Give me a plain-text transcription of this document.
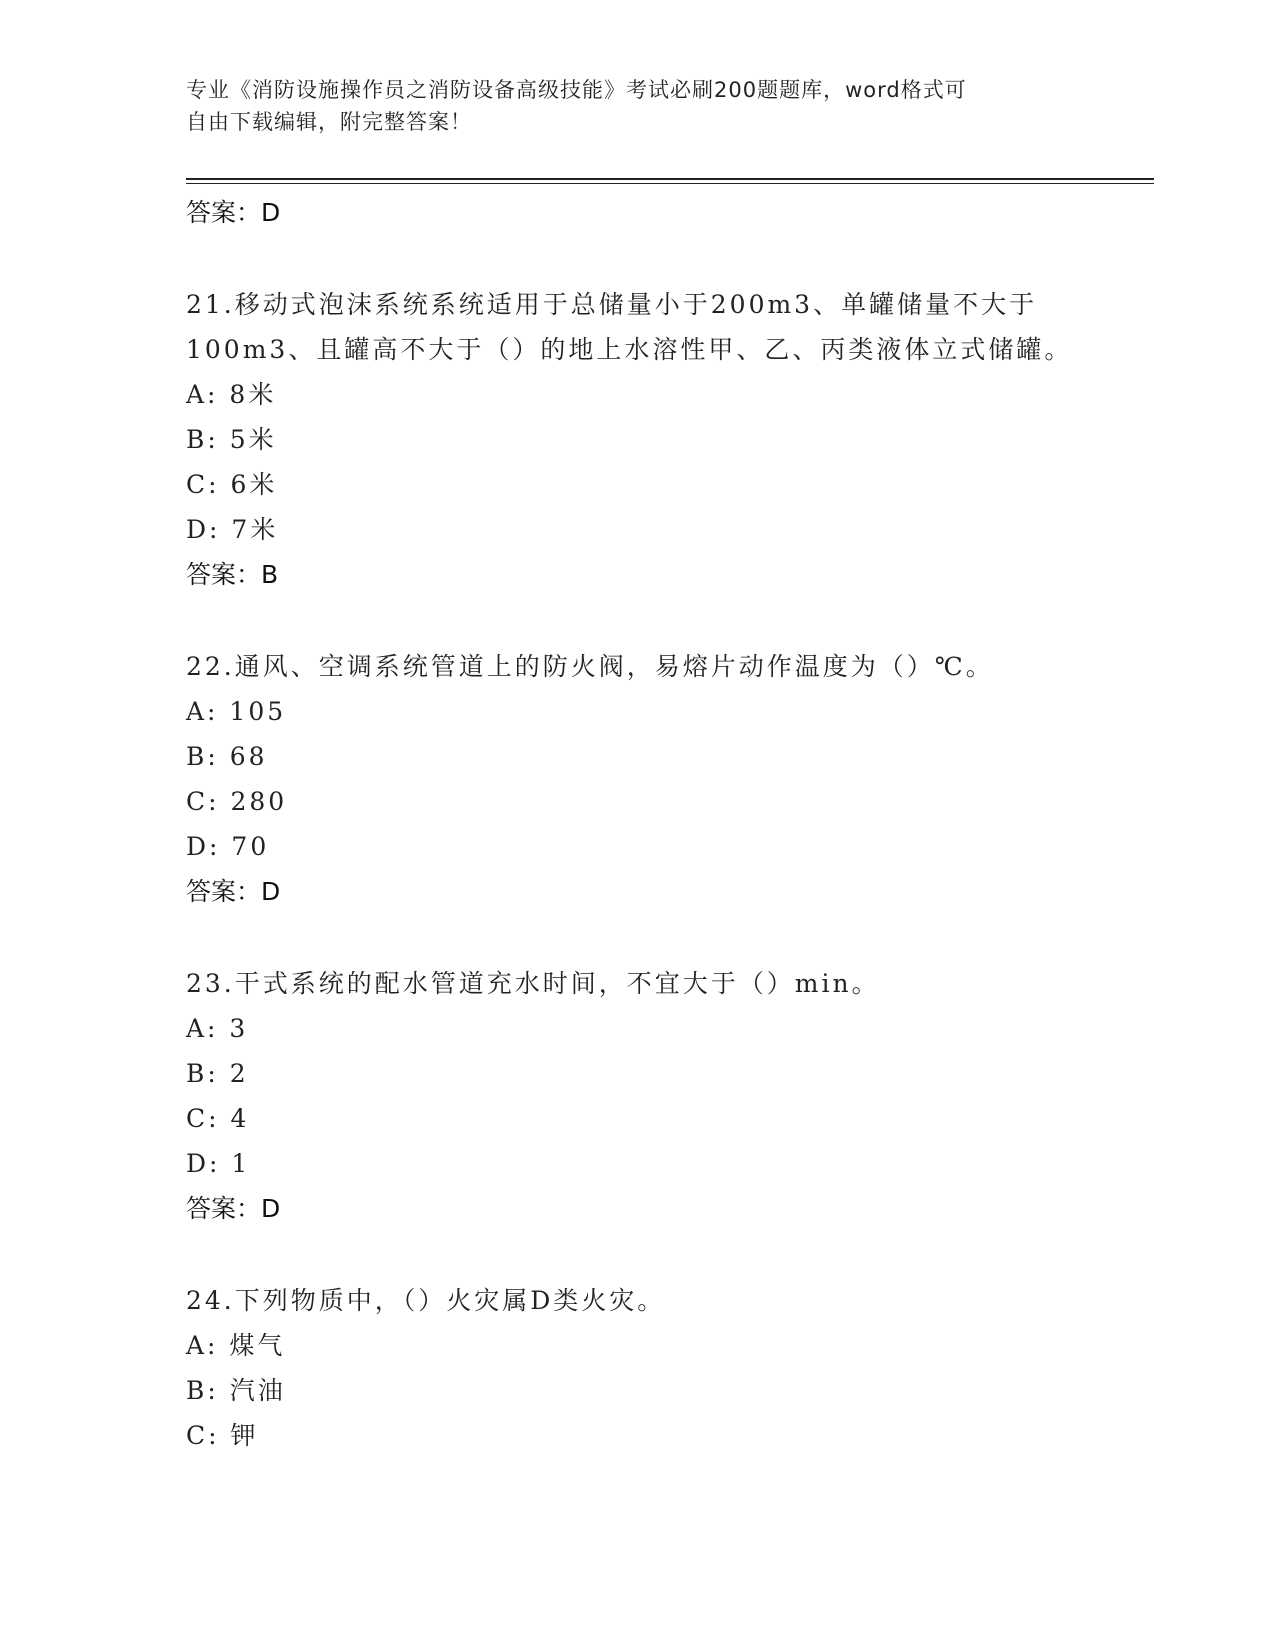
专业《消防设施操作员之消防设备高级技能》考试必刷200题题库，word格式可
自由下载编辑，附完整答案！
答案：D
21.移动式泡沫系统系统适用于总储量小于200m3、单罐储量不大于
100m3、且罐高不大于（）的地上水溶性甲、乙、丙类液体立式储罐。
A: 8米
B: 5米
C: 6米
D: 7米
答案：B
22.通风、空调系统管道上的防火阀，易熔片动作温度为（）℃。
A: 105
B: 68
C: 280
D: 70
答案：D
23.干式系统的配水管道充水时间，不宜大于（）min。
A: 3
B: 2
C: 4
D: 1
答案：D
24.下列物质中，（）火灾属D类火灾。
A: 煤气
B: 汽油
C: 钾
